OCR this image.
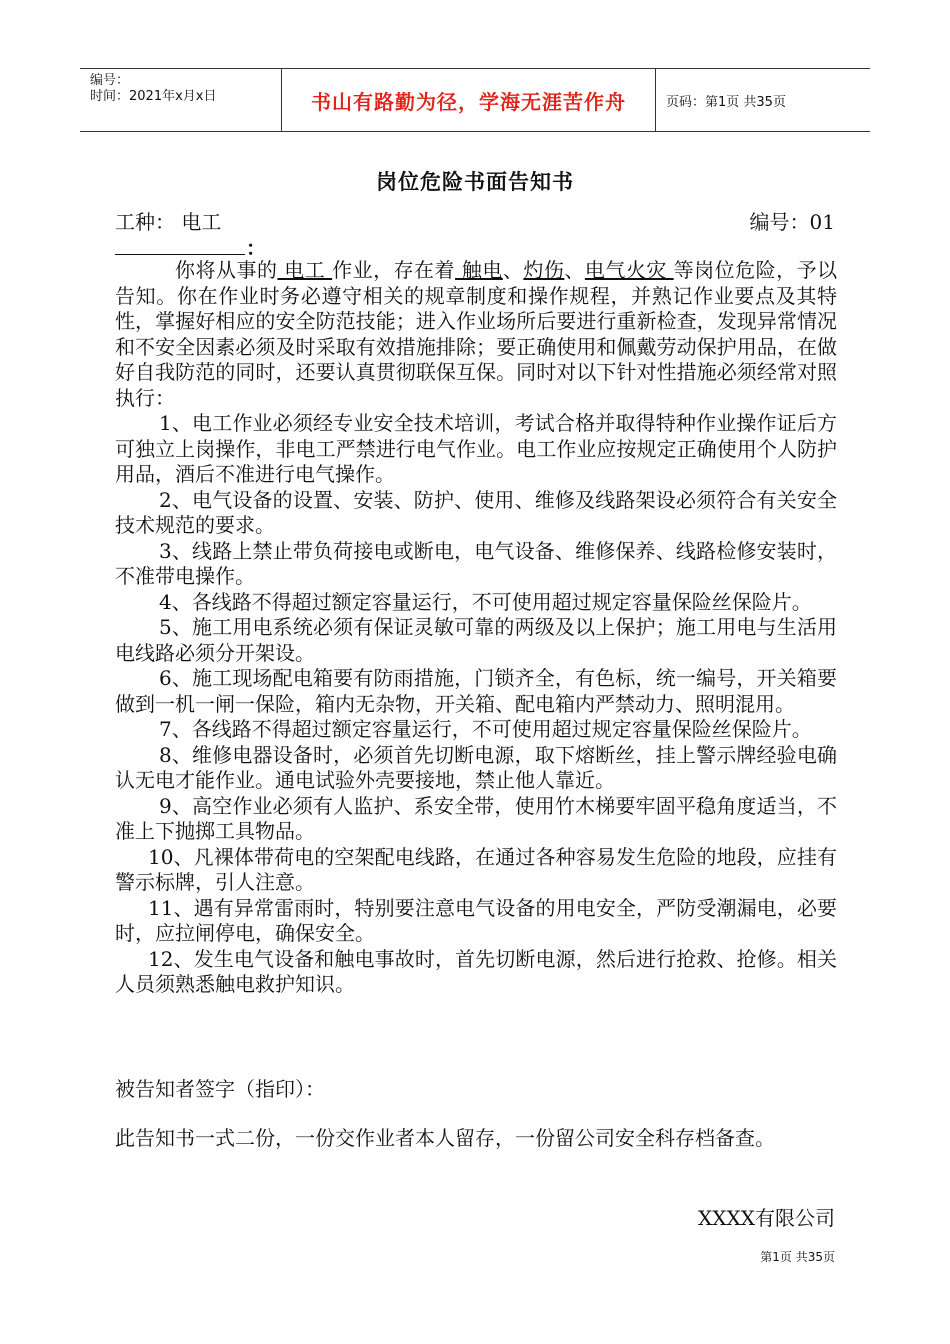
编号：
时间：2021年x月x日	书山有路勤为径，学海无涯苦作舟	页码：第1页 共35页
岗位危险书面告知书
工种： 电工	编号：01
：

你将从事的 电工 作业，存在着 触电、灼伤、电气火灾 等岗位危险，予以告知。你在作业时务必遵守相关的规章制度和操作规程，并熟记作业要点及其特性，掌握好相应的安全防范技能；进入作业场所后要进行重新检查，发现异常情况和不安全因素必须及时采取有效措施排除；要正确使用和佩戴劳动保护用品，在做好自我防范的同时，还要认真贯彻联保互保。同时对以下针对性措施必须经常对照执行：

1、电工作业必须经专业安全技术培训，考试合格并取得特种作业操作证后方可独立上岗操作，非电工严禁进行电气作业。电工作业应按规定正确使用个人防护用品，酒后不准进行电气操作。

2、电气设备的设置、安装、防护、使用、维修及线路架设必须符合有关安全技术规范的要求。

3、线路上禁止带负荷接电或断电，电气设备、维修保养、线路检修安装时，不准带电操作。

4、各线路不得超过额定容量运行，不可使用超过规定容量保险丝保险片。

5、施工用电系统必须有保证灵敏可靠的两级及以上保护；施工用电与生活用电线路必须分开架设。

6、施工现场配电箱要有防雨措施，门锁齐全，有色标，统一编号，开关箱要做到一机一闸一保险，箱内无杂物，开关箱、配电箱内严禁动力、照明混用。

7、各线路不得超过额定容量运行，不可使用超过规定容量保险丝保险片。

8、维修电器设备时，必须首先切断电源，取下熔断丝，挂上警示牌经验电确认无电才能作业。通电试验外壳要接地，禁止他人靠近。

9、高空作业必须有人监护、系安全带，使用竹木梯要牢固平稳角度适当，不准上下抛掷工具物品。

10、凡裸体带荷电的空架配电线路，在通过各种容易发生危险的地段，应挂有警示标牌，引人注意。

11、遇有异常雷雨时，特别要注意电气设备的用电安全，严防受潮漏电，必要时，应拉闸停电，确保安全。

12、发生电气设备和触电事故时，首先切断电源，然后进行抢救、抢修。相关人员须熟悉触电救护知识。

被告知者签字（指印）：
此告知书一式二份，一份交作业者本人留存，一份留公司安全科存档备查。
XXXX有限公司
第1页 共35页
